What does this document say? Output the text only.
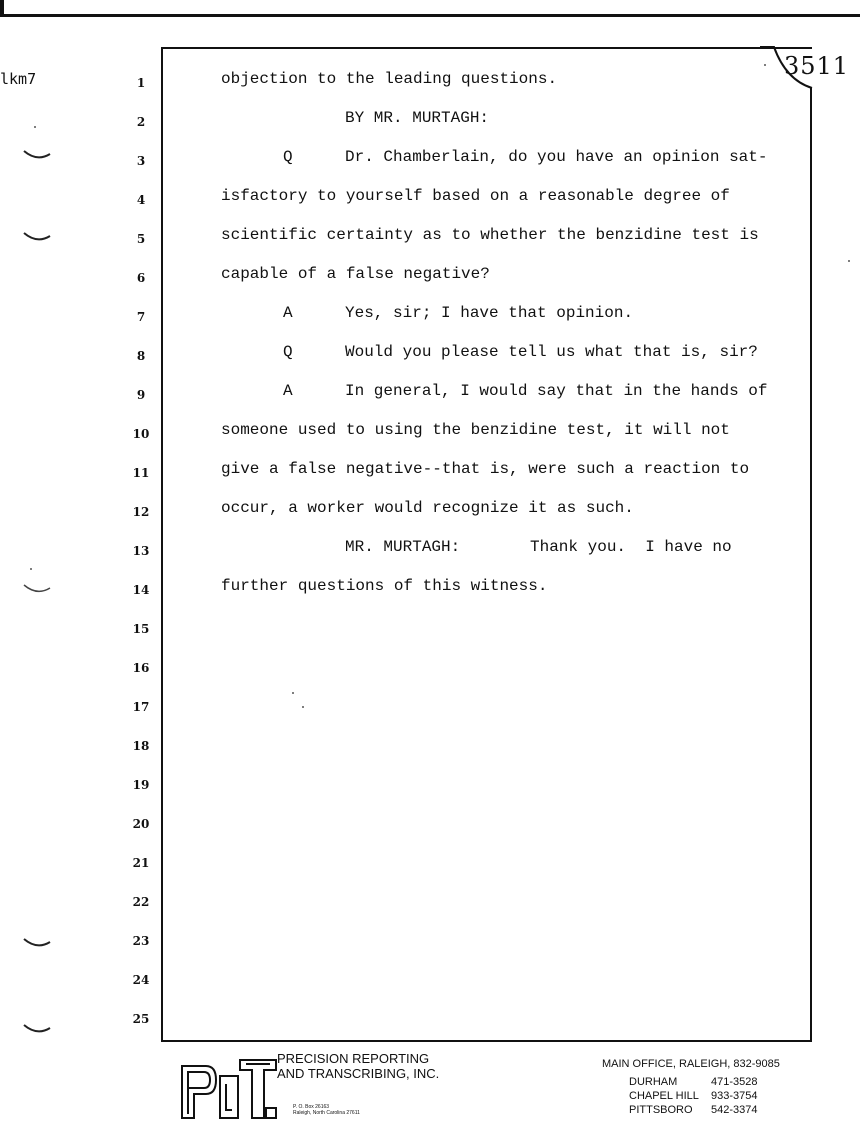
lkm7	3511
1
2
3
4
5
6
7
8
9
10
11
12
13
14
15
16
17
18
19
20
21
22
23
24
25
objection to the leading questions.
BY MR. MURTAGH:
Q	Dr. Chamberlain, do you have an opinion sat-
isfactory to yourself based on a reasonable degree of
scientific certainty as to whether the benzidine test is
capable of a false negative?
A	Yes, sir; I have that opinion.
Q	Would you please tell us what that is, sir?
A	In general, I would say that in the hands of
someone used to using the benzidine test, it will not
give a false negative--that is, were such a reaction to
occur, a worker would recognize it as such.
MR. MURTAGH:	Thank you.  I have no
further questions of this witness.
PRECISION REPORTING
AND TRANSCRIBING, INC.
P. O. Box 26163
Raleigh, North Carolina 27611
MAIN OFFICE, RALEIGH, 832-9085
DURHAM	471-3528
CHAPEL HILL 933-3754
PITTSBORO 542-3374
